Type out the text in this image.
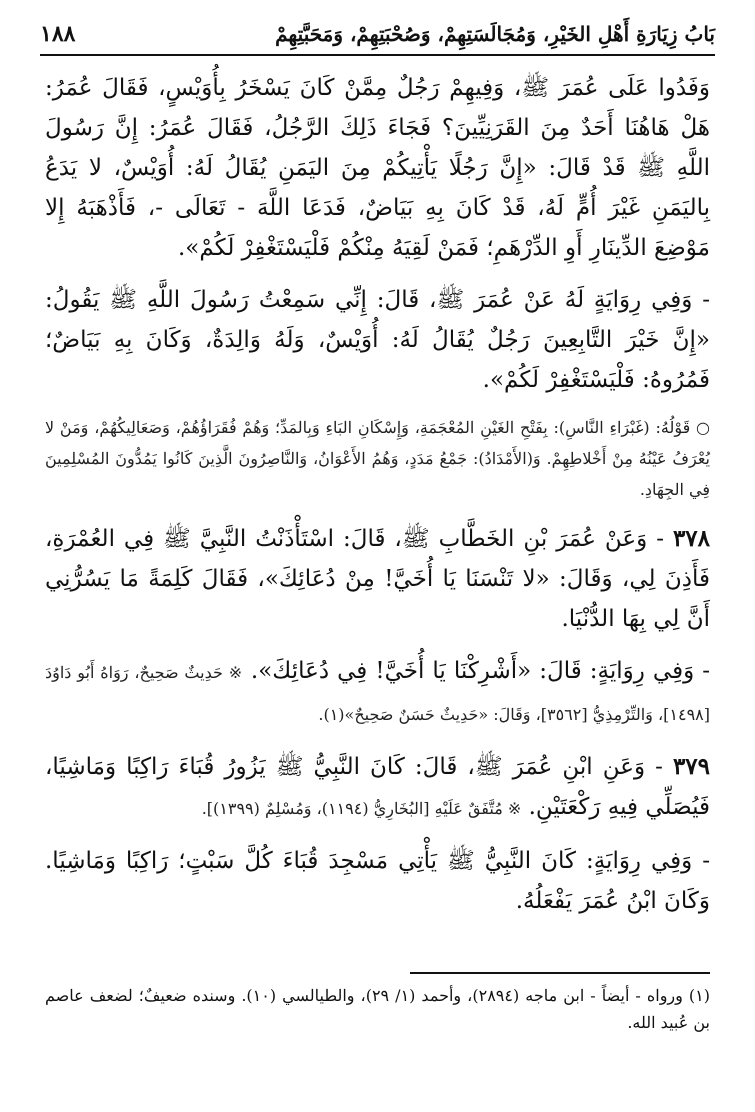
بَابُ زِيَارَةِ أَهْلِ الخَيْرِ، وَمُجَالَسَتِهِمْ، وَصُحْبَتِهِمْ، وَمَحَبَّتِهِمْ
١٨٨

وَفَدُوا عَلَى عُمَرَ ﷺ، وَفِيهِمْ رَجُلٌ مِمَّنْ كَانَ يَسْخَرُ بِأُوَيْسٍ، فَقَالَ عُمَرُ: هَلْ هَاهُنَا أَحَدٌ مِنَ القَرَنِيِّينَ؟ فَجَاءَ ذَلِكَ الرَّجُلُ، فَقَالَ عُمَرُ: إِنَّ رَسُولَ اللَّهِ ﷺ قَدْ قَالَ: «إِنَّ رَجُلًا يَأْتِيكُمْ مِنَ اليَمَنِ يُقَالُ لَهُ: أُوَيْسٌ، لا يَدَعُ بِاليَمَنِ غَيْرَ أُمٍّ لَهُ، قَدْ كَانَ بِهِ بَيَاضٌ، فَدَعَا اللَّهَ - تَعَالَى -، فَأَذْهَبَهُ إِلا مَوْضِعَ الدِّينَارِ أَوِ الدِّرْهَمِ؛ فَمَنْ لَقِيَهُ مِنْكُمْ فَلْيَسْتَغْفِرْ لَكُمْ».

- وَفِي رِوَايَةٍ لَهُ عَنْ عُمَرَ ﷺ، قَالَ: إِنِّي سَمِعْتُ رَسُولَ اللَّهِ ﷺ يَقُولُ: «إِنَّ خَيْرَ التَّابِعِينَ رَجُلٌ يُقَالُ لَهُ: أُوَيْسٌ، وَلَهُ وَالِدَةٌ، وَكَانَ بِهِ بَيَاضٌ؛ فَمُرُوهُ: فَلْيَسْتَغْفِرْ لَكُمْ».

○ قَوْلُهُ: (غَبْرَاءِ النَّاسِ): بِفَتْحِ الغَيْنِ المُعْجَمَةِ، وَإِسْكَانِ البَاءِ وَبِالمَدِّ؛ وَهُمْ فُقَرَاؤُهُمْ، وَصَعَالِيكُهُمْ، وَمَنْ لا يُعْرَفُ عَيْنُهُ مِنْ أَخْلاطِهِمْ. وَ(الأَمْدَادُ): جَمْعُ مَدَدٍ، وَهُمُ الأَعْوَانُ، وَالنَّاصِرُونَ الَّذِينَ كَانُوا يَمُدُّونَ المُسْلِمِينَ فِي الجِهَادِ.

٣٧٨ - وَعَنْ عُمَرَ بْنِ الخَطَّابِ ﷺ، قَالَ: اسْتَأْذَنْتُ النَّبِيَّ ﷺ فِي العُمْرَةِ، فَأَذِنَ لِي، وَقَالَ: «لا تَنْسَنَا يَا أُخَيَّ! مِنْ دُعَائِكَ»، فَقَالَ كَلِمَةً مَا يَسُرُّنِي أَنَّ لِي بِهَا الدُّنْيَا.

- وَفِي رِوَايَةٍ: قَالَ: «أَشْرِكْنَا يَا أُخَيَّ! فِي دُعَائِكَ». ※ حَدِيثٌ صَحِيحٌ، رَوَاهُ أَبُو دَاوُدَ [١٤٩٨]، وَالتِّرْمِذِيُّ [٣٥٦٢]، وَقَالَ: «حَدِيثٌ حَسَنٌ صَحِيحٌ»(١).

٣٧٩ - وَعَنِ ابْنِ عُمَرَ ﷺ، قَالَ: كَانَ النَّبِيُّ ﷺ يَزُورُ قُبَاءَ رَاكِبًا وَمَاشِيًا، فَيُصَلِّي فِيهِ رَكْعَتَيْنِ. ※ مُتَّفَقٌ عَلَيْهِ [البُخَارِيُّ (١١٩٤)، وَمُسْلِمٌ (١٣٩٩)].

- وَفِي رِوَايَةٍ: كَانَ النَّبِيُّ ﷺ يَأْتِي مَسْجِدَ قُبَاءَ كُلَّ سَبْتٍ؛ رَاكِبًا وَمَاشِيًا. وَكَانَ ابْنُ عُمَرَ يَفْعَلُهُ.

(١) ورواه - أيضاً - ابن ماجه (٢٨٩٤)، وأحمد (١/ ٢٩)، والطيالسي (١٠). وسنده ضعيفٌ؛ لضعف عاصم بن عُبيد الله.
